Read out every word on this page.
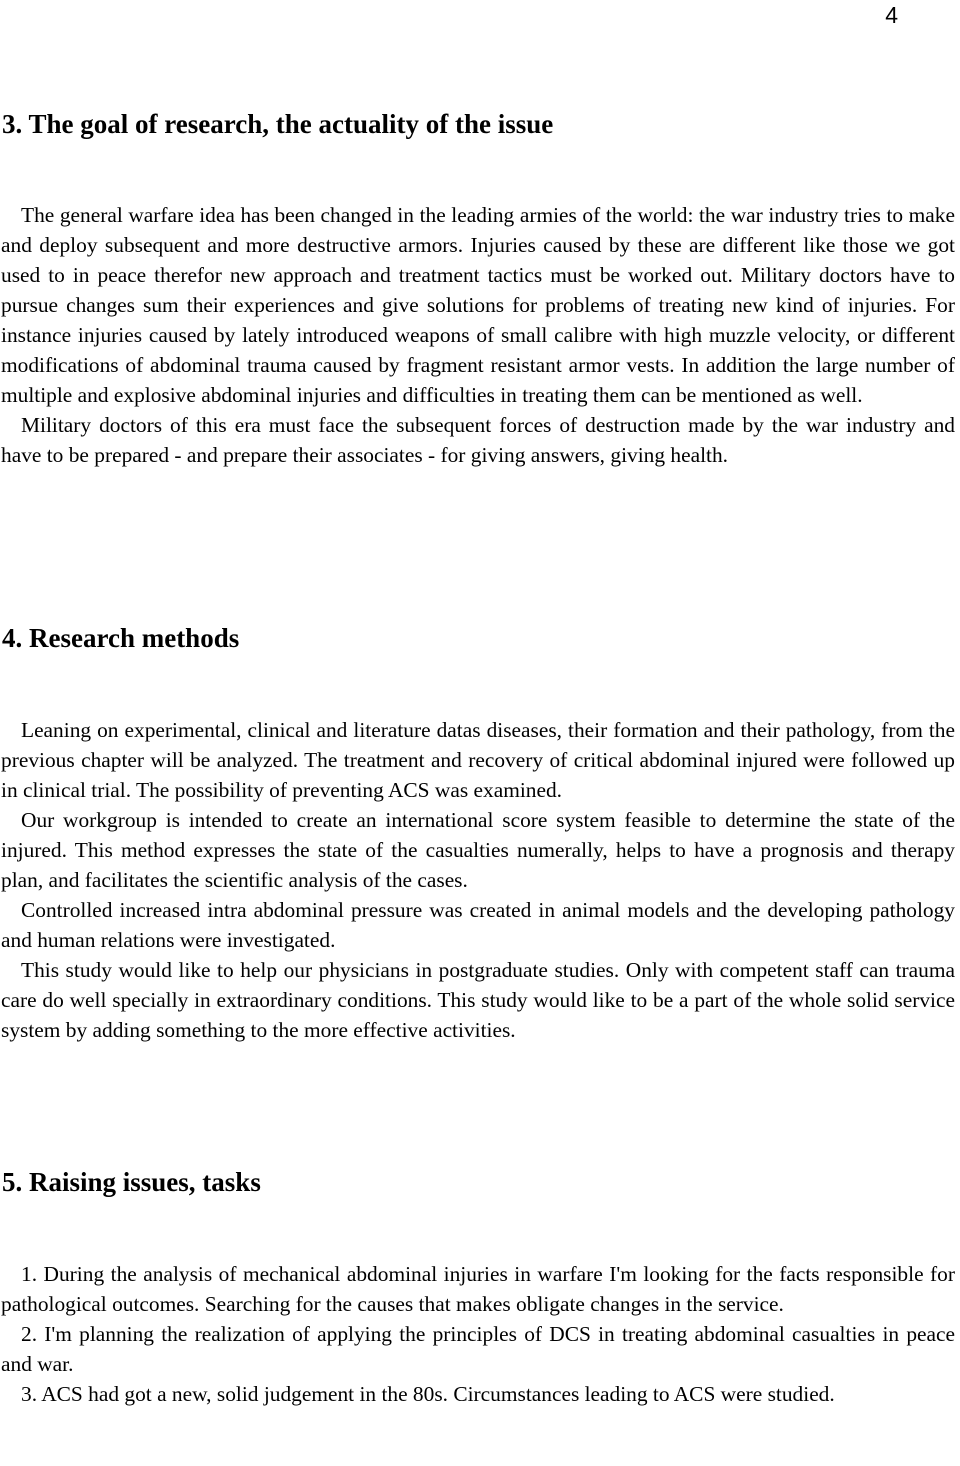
4
3. The goal of research, the actuality of the issue

The general warfare idea has been changed in the leading armies of the world: the war industry tries to make and deploy subsequent and more destructive armors. Injuries caused by these are different like those we got used to in peace therefor new approach and treatment tactics must be worked out. Military doctors have to pursue changes sum their experiences and give solutions for problems of treating new kind of injuries. For instance injuries caused by lately introduced weapons of small calibre with high muzzle velocity, or different modifications of abdominal trauma caused by fragment resistant armor vests. In addition the large number of multiple and explosive abdominal injuries and difficulties in treating them can be mentioned as well.

Military doctors of this era must face the subsequent forces of destruction made by the war industry and have to be prepared - and prepare their associates - for giving answers, giving health.

4. Research methods

Leaning on experimental, clinical and literature datas diseases, their formation and their pathology, from the previous chapter will be analyzed. The treatment and recovery of critical abdominal injured were followed up in clinical trial. The possibility of preventing ACS was examined.

Our workgroup is intended to create an international score system feasible to determine the state of the injured. This method expresses the state of the casualties numerally, helps to have a prognosis and therapy plan, and facilitates the scientific analysis of the cases.

Controlled increased intra abdominal pressure was created in animal models and the developing pathology and human relations were investigated.

This study would like to help our physicians in postgraduate studies. Only with competent staff can trauma care do well specially in extraordinary conditions. This study would like to be a part of the whole solid service system by adding something to the more effective activities.

5. Raising issues, tasks

1. During the analysis of mechanical abdominal injuries in warfare I'm looking for the facts responsible for pathological outcomes. Searching for the causes that makes obligate changes in the service.

2. I'm planning the realization of applying the principles of DCS in treating abdominal casualties in peace and war.

3. ACS had got a new, solid judgement in the 80s. Circumstances leading to ACS were studied.
